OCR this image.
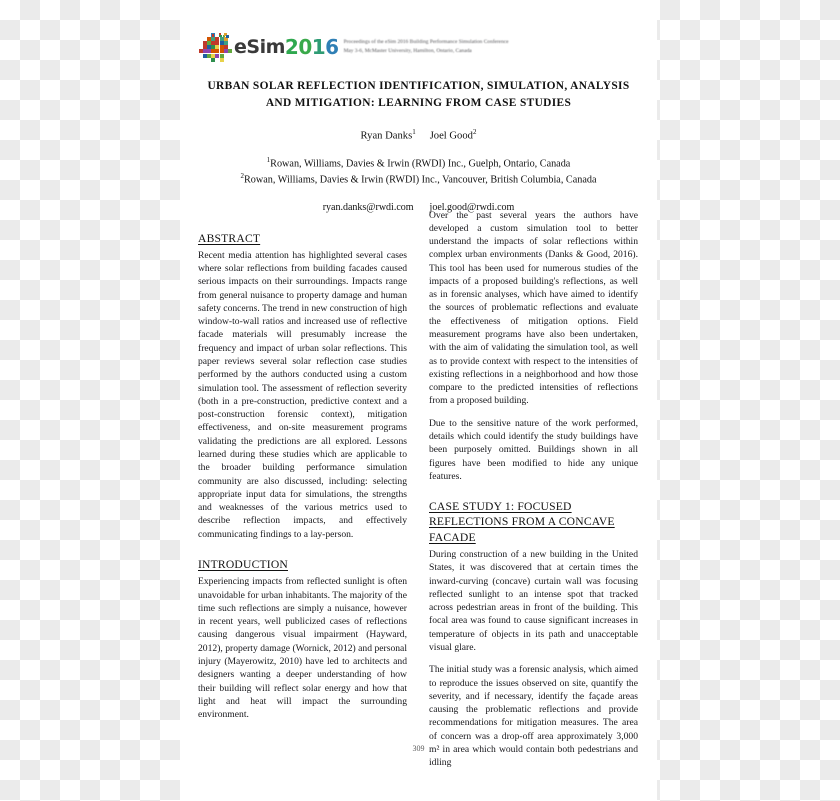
eSim 2016 Proceedings of the eSim 2016 Building Performance Simulation Conference
May 3-6, McMaster University, Hamilton, Ontario, Canada
URBAN SOLAR REFLECTION IDENTIFICATION, SIMULATION, ANALYSIS AND MITIGATION: LEARNING FROM CASE STUDIES
Ryan Danks$^1$ Joel Good$^2$
$^1$Rowan, Williams, Davies & Irwin (RWDI) Inc., Guelph, Ontario, Canada
$^2$Rowan, Williams, Davies & Irwin (RWDI) Inc., Vancouver, British Columbia, Canada
ryan.danks@rwdi.com joel.good@rwdi.com
ABSTRACT

Recent media attention has highlighted several cases where solar reflections from building facades caused serious impacts on their surroundings. Impacts range from general nuisance to property damage and human safety concerns. The trend in new construction of high window-to-wall ratios and increased use of reflective facade materials will presumably increase the frequency and impact of urban solar reflections. This paper reviews several solar reflection case studies performed by the authors conducted using a custom simulation tool. The assessment of reflection severity (both in a pre-construction, predictive context and a post-construction forensic context), mitigation effectiveness, and on-site measurement programs validating the predictions are all explored. Lessons learned during these studies which are applicable to the broader building performance simulation community are also discussed, including: selecting appropriate input data for simulations, the strengths and weaknesses of the various metrics used to describe reflection impacts, and effectively communicating findings to a lay-person.

INTRODUCTION

Experiencing impacts from reflected sunlight is often unavoidable for urban inhabitants. The majority of the time such reflections are simply a nuisance, however in recent years, well publicized cases of reflections causing dangerous visual impairment (Hayward, 2012), property damage (Wornick, 2012) and personal injury (Mayerowitz, 2010) have led to architects and designers wanting a deeper understanding of how their building will reflect solar energy and how that light and heat will impact the surrounding environment.

Over the past several years the authors have developed a custom simulation tool to better understand the impacts of solar reflections within complex urban environments (Danks & Good, 2016). This tool has been used for numerous studies of the impacts of a proposed building's reflections, as well as in forensic analyses, which have aimed to identify the sources of problematic reflections and evaluate the effectiveness of mitigation options. Field measurement programs have also been undertaken, with the aim of validating the simulation tool, as well as to provide context with respect to the intensities of existing reflections in a neighborhood and how those compare to the predicted intensities of reflections from a proposed building.

Due to the sensitive nature of the work performed, details which could identify the study buildings have been purposely omitted. Buildings shown in all figures have been modified to hide any unique features.

CASE STUDY 1: FOCUSED REFLECTIONS FROM A CONCAVE FACADE

During construction of a new building in the United States, it was discovered that at certain times the inward-curving (concave) curtain wall was focusing reflected sunlight to an intense spot that tracked across pedestrian areas in front of the building. This focal area was found to cause significant increases in temperature of objects in its path and unacceptable visual glare.

The initial study was a forensic analysis, which aimed to reproduce the issues observed on site, quantify the severity, and if necessary, identify the façade areas causing the problematic reflections and provide recommendations for mitigation measures. The area of concern was a drop-off area approximately 3,000 m² in area which would contain both pedestrians and idling

309
